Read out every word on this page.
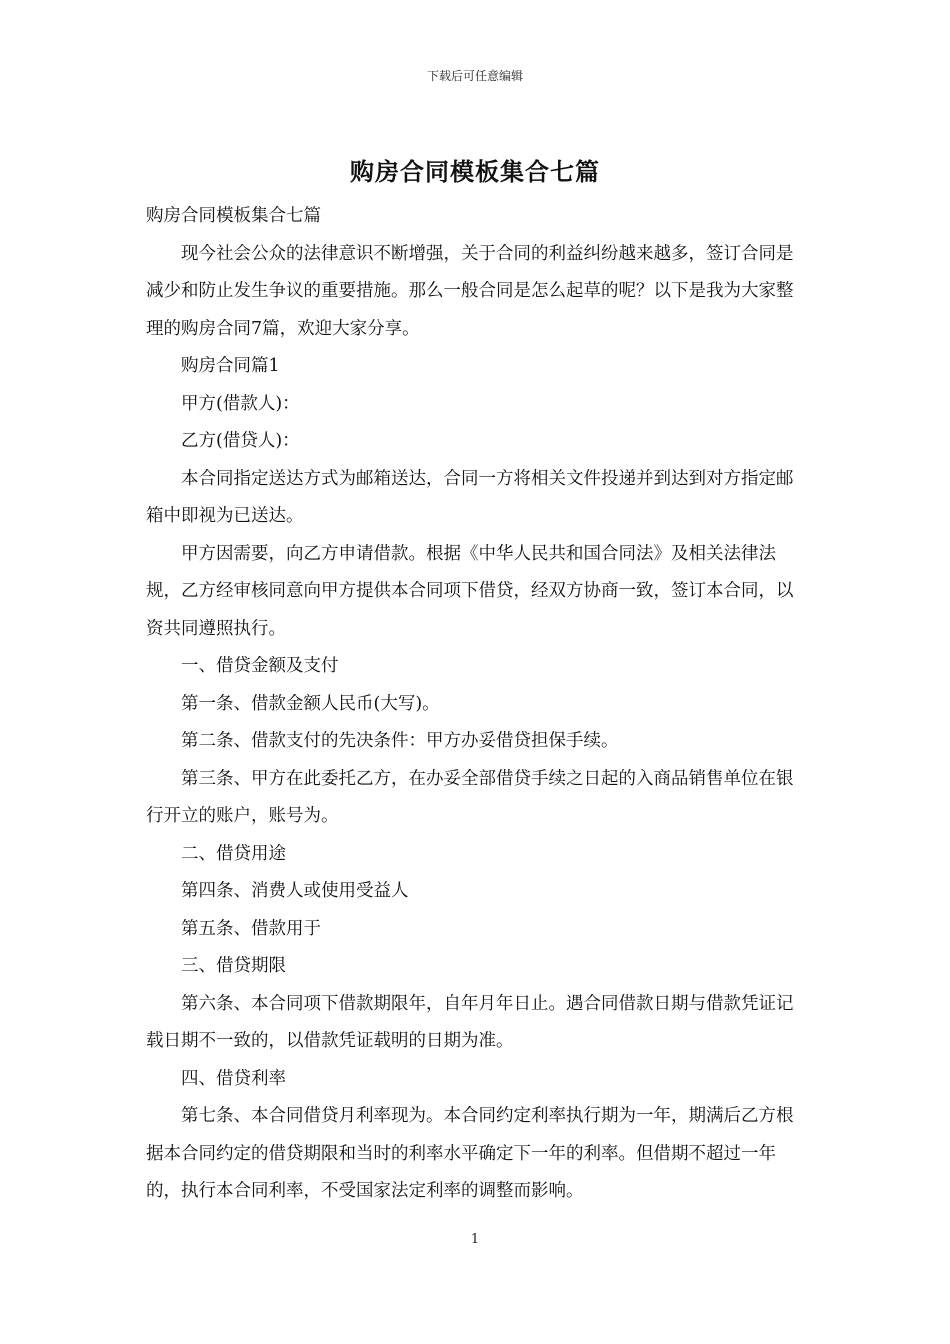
下载后可任意编辑
购房合同模板集合七篇

购房合同模板集合七篇

现今社会公众的法律意识不断增强，关于合同的利益纠纷越来越多，签订合同是减少和防止发生争议的重要措施。那么一般合同是怎么起草的呢？以下是我为大家整理的购房合同7篇，欢迎大家分享。

购房合同篇1

甲方(借款人)：

乙方(借贷人)：

本合同指定送达方式为邮箱送达，合同一方将相关文件投递并到达到对方指定邮箱中即视为已送达。

甲方因需要，向乙方申请借款。根据《中华人民共和国合同法》及相关法律法规，乙方经审核同意向甲方提供本合同项下借贷，经双方协商一致，签订本合同，以资共同遵照执行。

一、借贷金额及支付

第一条、借款金额人民币(大写)。

第二条、借款支付的先决条件：甲方办妥借贷担保手续。

第三条、甲方在此委托乙方，在办妥全部借贷手续之日起的入商品销售单位在银行开立的账户，账号为。

二、借贷用途

第四条、消费人或使用受益人

第五条、借款用于

三、借贷期限

第六条、本合同项下借款期限年，自年月年日止。遇合同借款日期与借款凭证记载日期不一致的，以借款凭证载明的日期为准。

四、借贷利率

第七条、本合同借贷月利率现为。本合同约定利率执行期为一年，期满后乙方根据本合同约定的借贷期限和当时的利率水平确定下一年的利率。但借期不超过一年的，执行本合同利率，不受国家法定利率的调整而影响。

1
